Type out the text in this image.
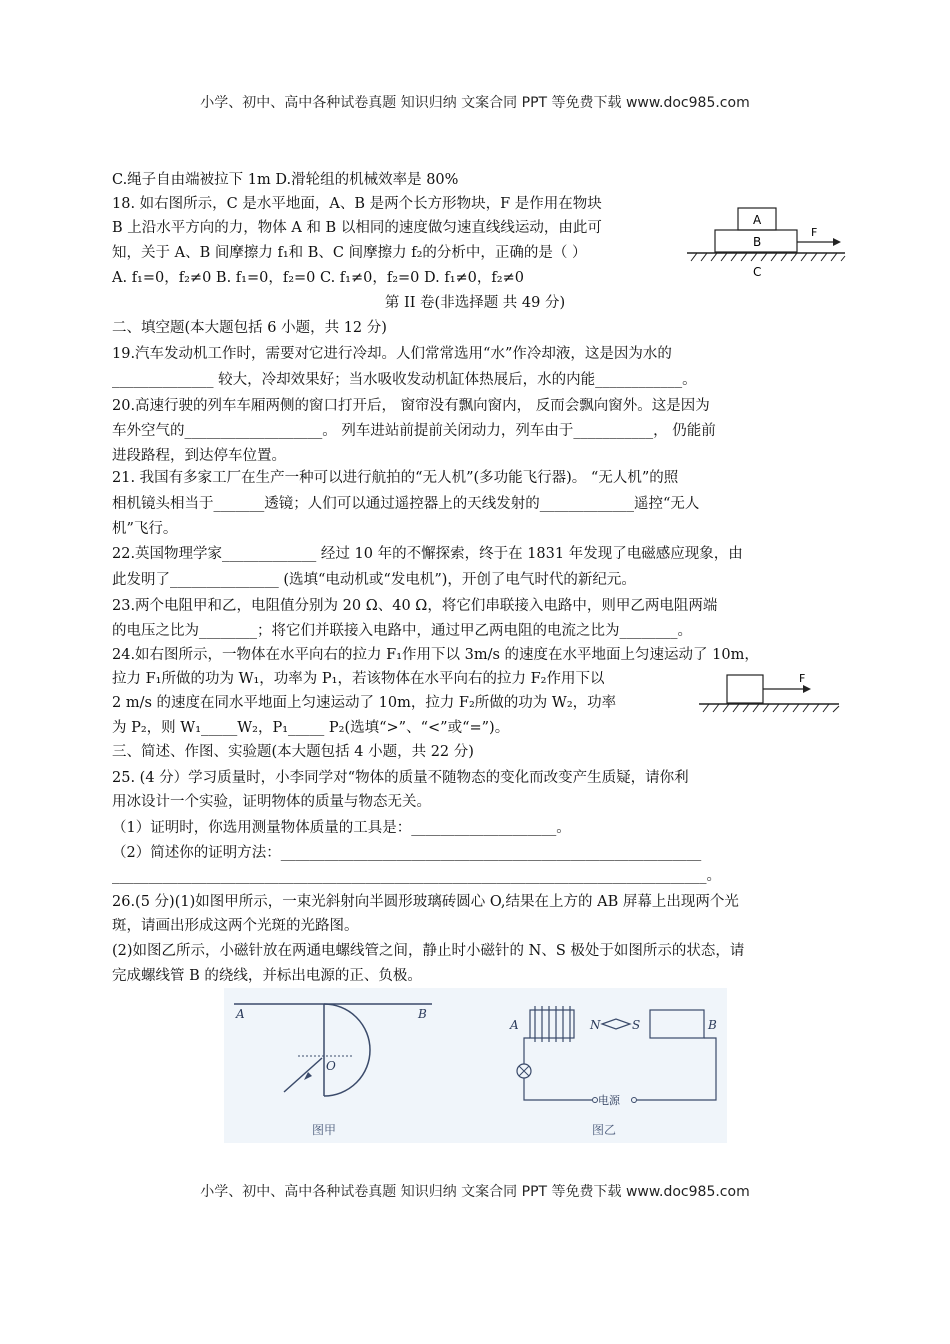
小学、初中、高中各种试卷真题 知识归纳 文案合同 PPT 等免费下载 www.doc985.com
C.绳子自由端被拉下 1m D.滑轮组的机械效率是 80%
18. 如右图所示，C 是水平地面，A、B 是两个长方形物块，F 是作用在物块
B 上沿水平方向的力，物体 A 和 B 以相同的速度做匀速直线线运动，由此可
知，关于 A、B 间摩擦力 f₁和 B、C 间摩擦力 f₂的分析中，正确的是（ ）
A. f₁=0，f₂≠0 B. f₁=0，f₂=0 C. f₁≠0，f₂=0 D. f₁≠0，f₂≠0
第 II 卷(非选择题 共 49 分)
二、填空题(本大题包括 6 小题，共 12 分)
19.汽车发动机工作时，需要对它进行冷却。人们常常选用“水”作冷却液，这是因为水的
______________ 较大，冷却效果好；当水吸收发动机缸体热展后，水的内能____________。
20.高速行驶的列车车厢两侧的窗口打开后， 窗帘没有飘向窗内， 反而会飘向窗外。这是因为
车外空气的___________________。 列车进站前提前关闭动力，列车由于___________， 仍能前
进段路程，到达停车位置。
21. 我国有多家工厂在生产一种可以进行航拍的“无人机”(多功能飞行器)。 “无人机”的照
相机镜头相当于_______透镜；人们可以通过遥控器上的天线发射的_____________遥控“无人
机”飞行。
22.英国物理学家_____________ 经过 10 年的不懈探索，终于在 1831 年发现了电磁感应现象，由
此发明了_______________ (选填“电动机或“发电机”)，开创了电气时代的新纪元。
23.两个电阻甲和乙，电阻值分别为 20 Ω、40 Ω，将它们串联接入电路中，则甲乙两电阻两端
的电压之比为________；将它们并联接入电路中，通过甲乙两电阻的电流之比为________。
24.如右图所示，一物体在水平向右的拉力 F₁作用下以 3m/s 的速度在水平地面上匀速运动了 10m，
拉力 F₁所做的功为 W₁，功率为 P₁，若该物体在水平向右的拉力 F₂作用下以
2 m/s 的速度在同水平地面上匀速运动了 10m，拉力 F₂所做的功为 W₂，功率
为 P₂，则 W₁_____W₂，P₁_____ P₂(选填“>”、“<”或“=”)。
三、简述、作图、实验题(本大题包括 4 小题，共 22 分)
25. (4 分）学习质量时，小李同学对“物体的质量不随物态的变化而改变产生质疑，请你利
用冰设计一个实验，证明物体的质量与物态无关。
（1）证明时，你选用测量物体质量的工具是：____________________。
（2）简述你的证明方法：__________________________________________________________
__________________________________________________________________________________。
26.(5 分)(1)如图甲所示，一束光斜射向半圆形玻璃砖圆心 O,结果在上方的 AB 屏幕上出现两个光
斑，请画出形成这两个光斑的光路图。
(2)如图乙所示，小磁针放在两通电螺线管之间，静止时小磁针的 N、S 极处于如图所示的状态，请
完成螺线管 B 的绕线，并标出电源的正、负极。
A
B
F
C
F
A	B
O
图甲
A	N	S	B
电源
图乙
小学、初中、高中各种试卷真题 知识归纳 文案合同 PPT 等免费下载 www.doc985.com
